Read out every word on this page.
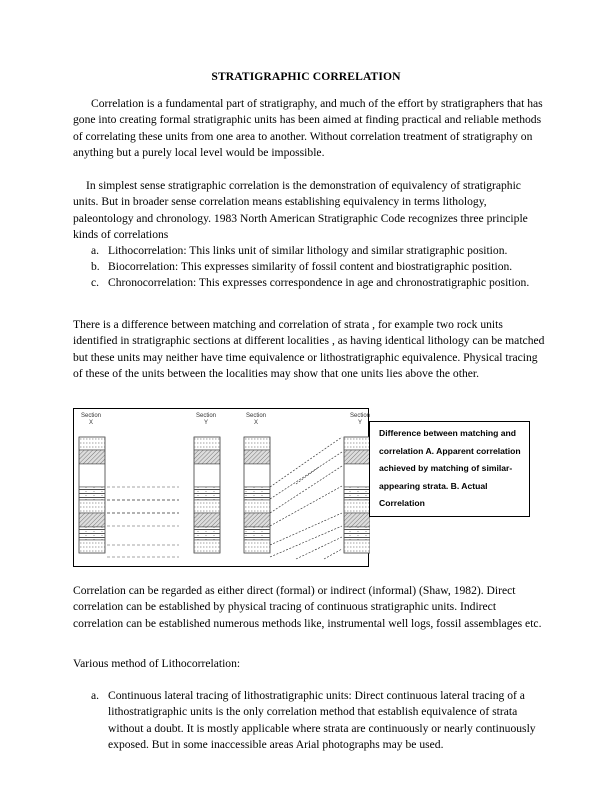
STRATIGRAPHIC CORRELATION

Correlation is a fundamental part of stratigraphy, and much of the effort by stratigraphers that has gone into creating formal stratigraphic units has been aimed at finding practical and reliable methods of correlating these units from one area to another. Without correlation treatment of stratigraphy on anything but a purely local level would be impossible.

In simplest sense stratigraphic correlation is the demonstration of equivalency of stratigraphic units. But in broader sense correlation means establishing equivalency in terms lithology, paleontology and chronology. 1983 North American Stratigraphic Code recognizes three principle kinds of correlations

a. Lithocorrelation: This links unit of similar lithology and similar stratigraphic position.
b. Biocorrelation: This expresses similarity of fossil content and biostratigraphic position.
c. Chronocorrelation: This expresses correspondence in age and chronostratigraphic position.

There is a difference between matching and correlation of strata , for example two rock units identified in stratigraphic sections at different localities , as having identical lithology can be matched but these units may neither have time equivalence or lithostratigraphic equivalence. Physical tracing of these of the units between the localities may show that one units lies above the other.

Section
X
Section
Y
Section
X
Section
Y
Difference between matching and correlation A. Apparent correlation achieved by matching of similar-appearing strata. B. Actual Correlation

Correlation can be regarded as either direct (formal) or indirect (informal) (Shaw, 1982). Direct correlation can be established by physical tracing of continuous stratigraphic units. Indirect correlation can be established numerous methods like, instrumental well logs, fossil assemblages etc.

Various method of Lithocorrelation:

a. Continuous lateral tracing of lithostratigraphic units: Direct continuous lateral tracing of a lithostratigraphic units is the only correlation method that establish equivalence of strata without a doubt. It is mostly applicable where strata are continuously or nearly continuously exposed. But in some inaccessible areas Arial photographs may be used.
